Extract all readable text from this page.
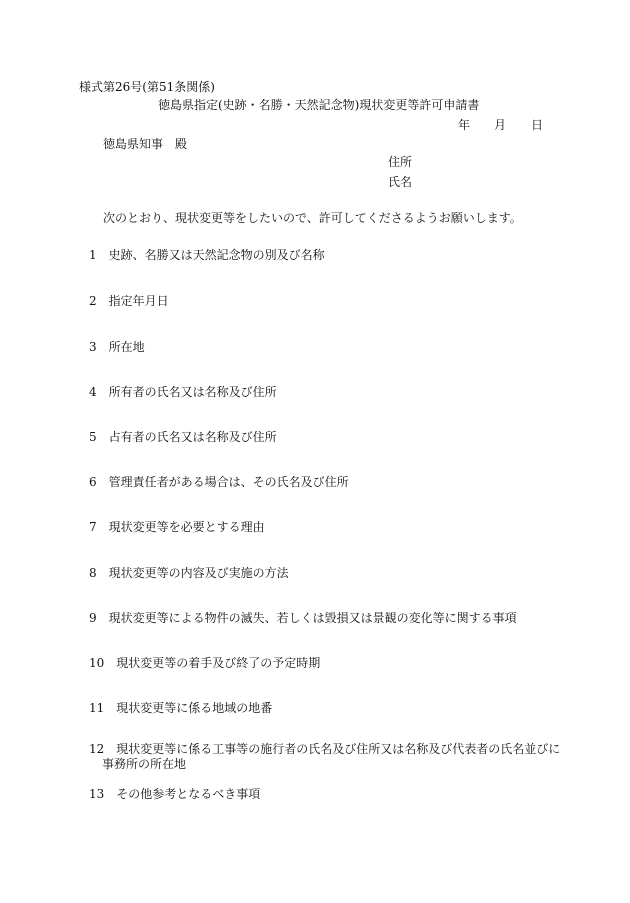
様式第26号(第51条関係)
徳島県指定(史跡・名勝・天然記念物)現状変更等許可申請書
年 月 日
徳島県知事　殿
住所
氏名
次のとおり、現状変更等をしたいので、許可してくださるようお願いします。
1 史跡、名勝又は天然記念物の別及び名称
2 指定年月日
3 所在地
4 所有者の氏名又は名称及び住所
5 占有者の氏名又は名称及び住所
6 管理責任者がある場合は、その氏名及び住所
7 現状変更等を必要とする理由
8 現状変更等の内容及び実施の方法
9 現状変更等による物件の滅失、若しくは毀損又は景観の変化等に関する事項
10 現状変更等の着手及び終了の予定時期
11 現状変更等に係る地域の地番
12 現状変更等に係る工事等の施行者の氏名及び住所又は名称及び代表者の氏名並びに
事務所の所在地
13 その他参考となるべき事項
